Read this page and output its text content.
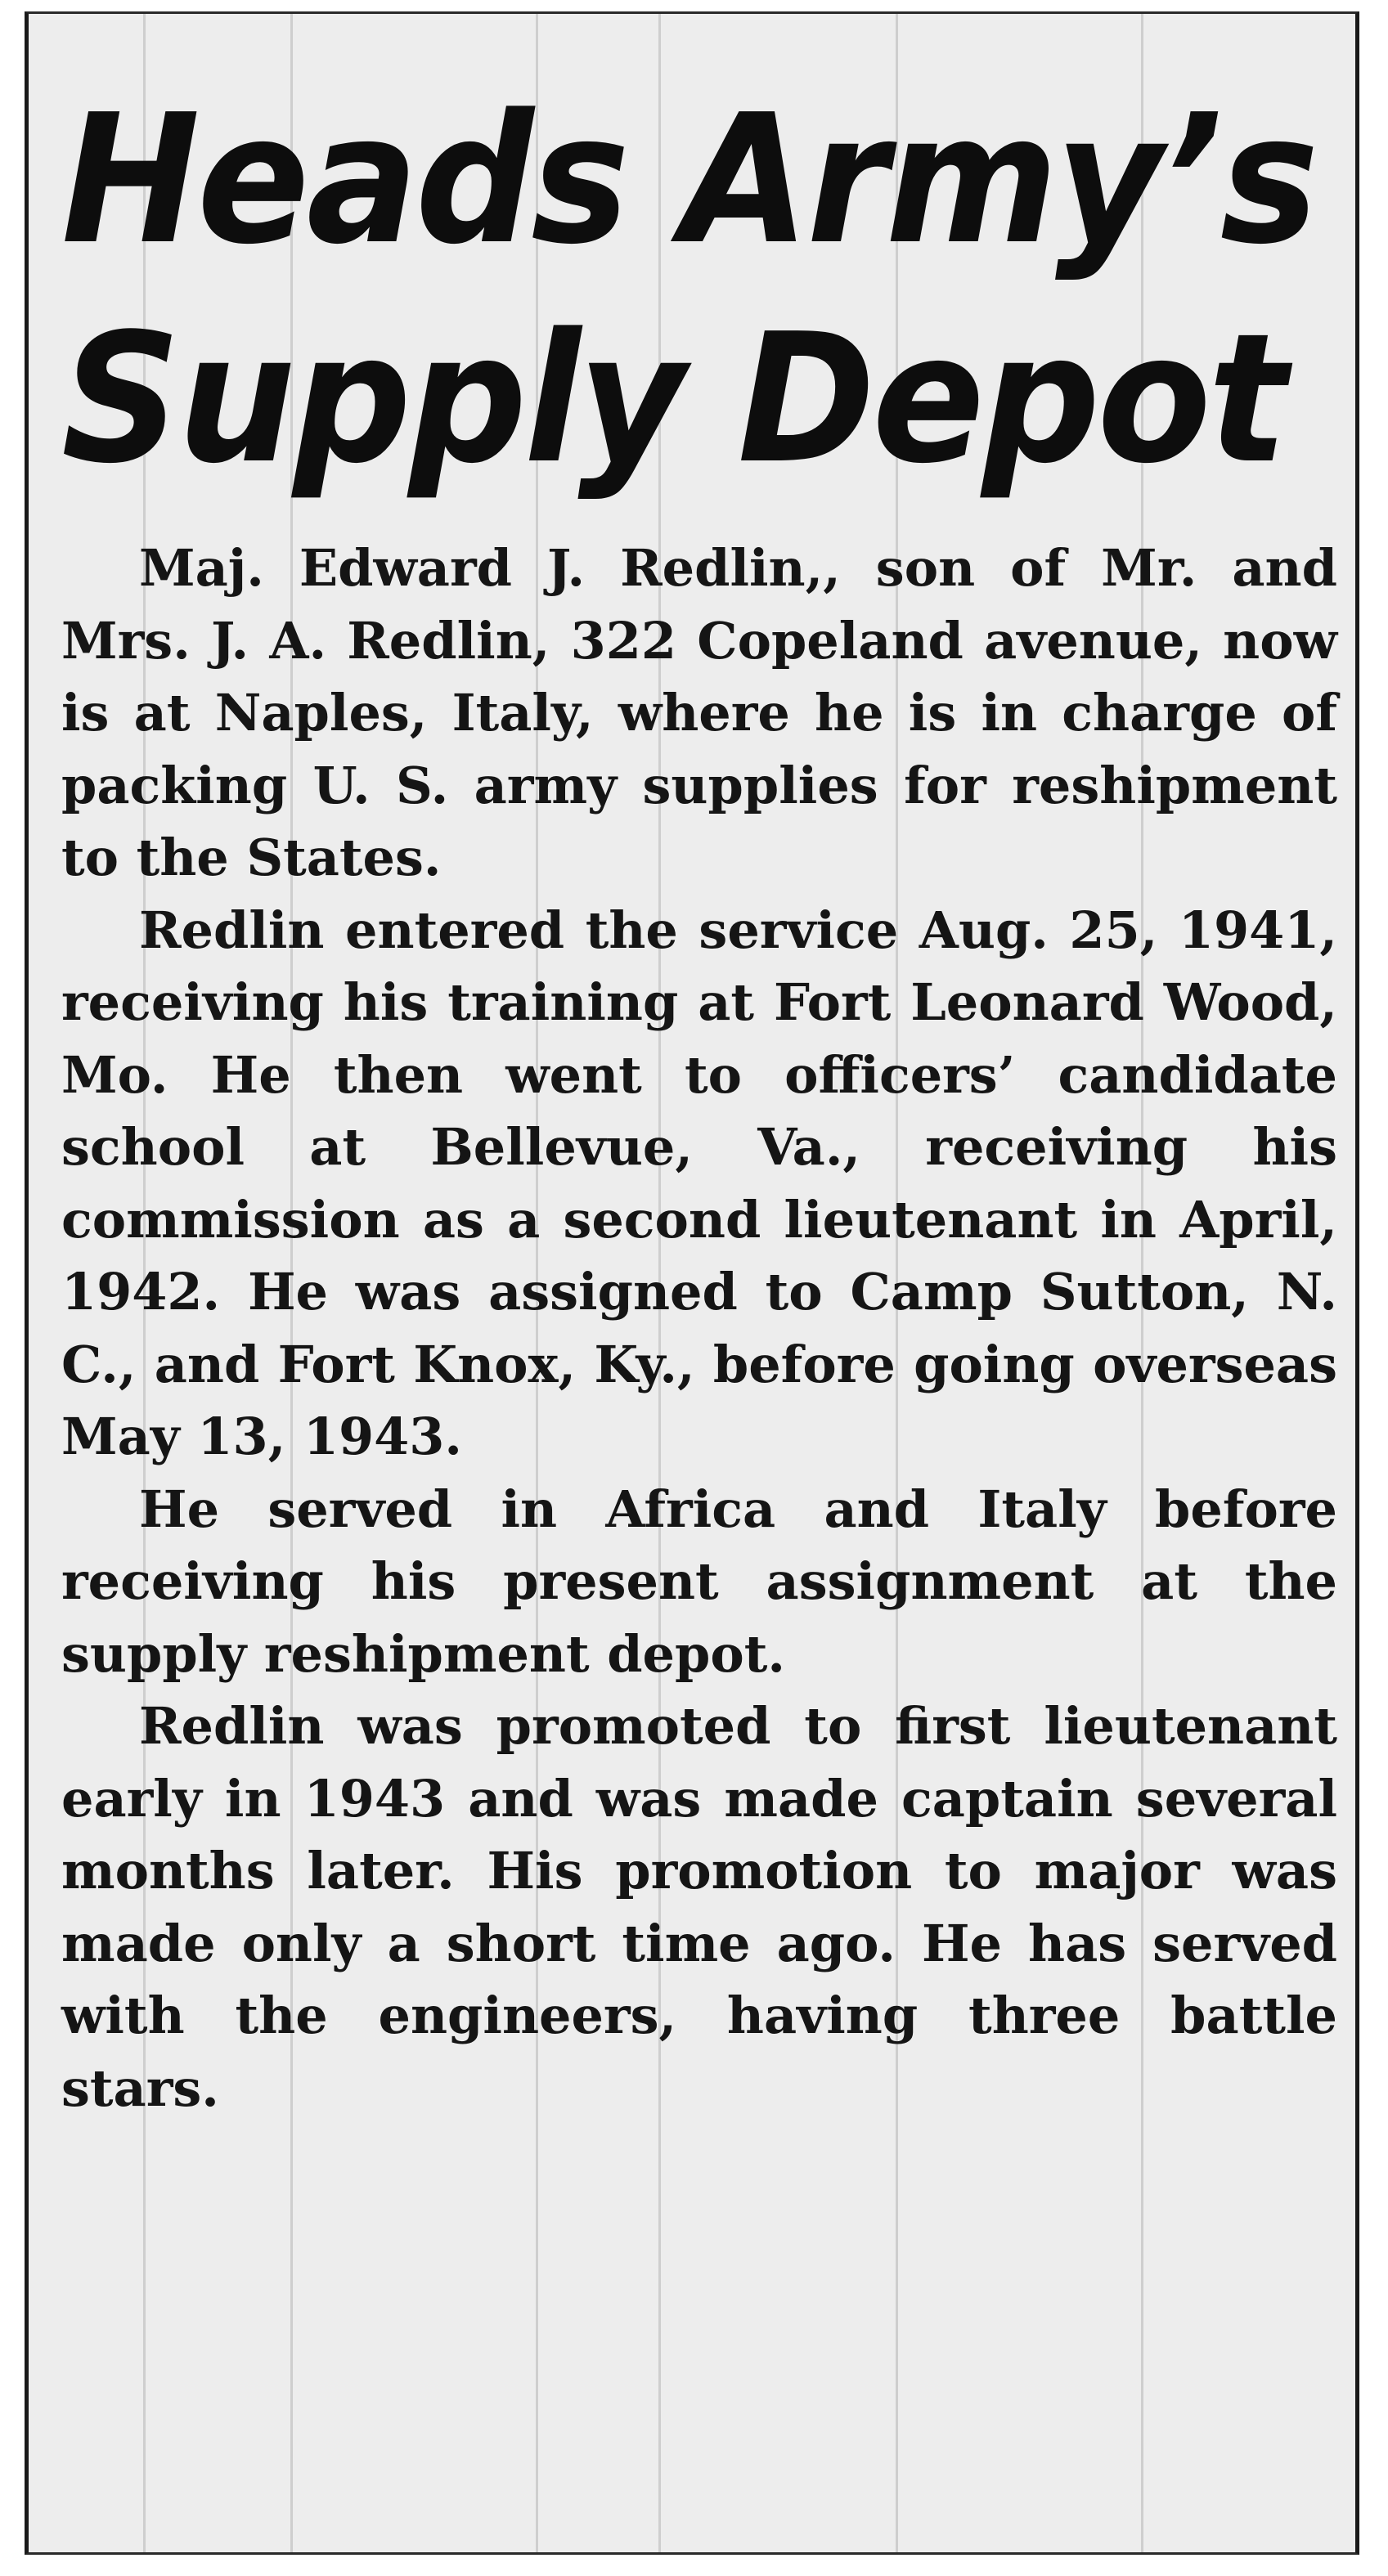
Heads Army’s
Supply Depot

Maj. Edward J. Redlin,, son of Mr. and Mrs. J. A. Redlin, 322 Copeland avenue, now is at Naples, Italy, where he is in charge of packing U. S. army supplies for reshipment to the States.

Redlin entered the service Aug. 25, 1941, receiving his training at Fort Leonard Wood, Mo. He then went to officers’ candidate school at Bellevue, Va., receiving his commission as a second lieutenant in April, 1942. He was assigned to Camp Sutton, N. C., and Fort Knox, Ky., before going overseas May 13, 1943.

He served in Africa and Italy before receiving his present assignment at the supply reshipment depot.

Redlin was promoted to first lieutenant early in 1943 and was made captain several months later. His promotion to major was made only a short time ago. He has served with the engineers, having three battle stars.
